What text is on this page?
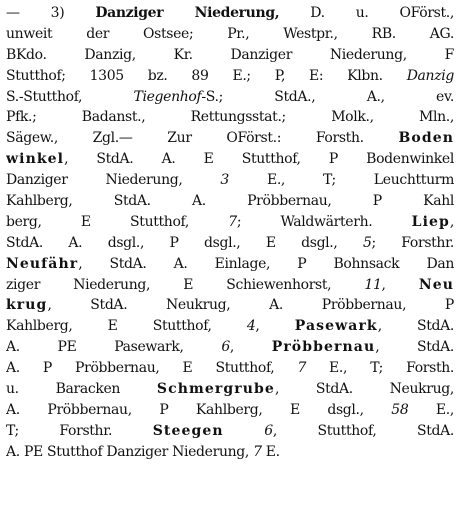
— 3) Danziger Niederung, D. u. OFörst.,
unweit der Ostsee; Pr., Westpr., RB. AG.
BKdo. Danzig, Kr. Danziger Niederung, F
Stutthof; 1305 bz. 89 E.; P, E: Klbn. Danzig
S.-Stutthof, Tiegenhof-S.; StdA., A., ev.
Pfk.; Badanst., Rettungsstat.; Molk., Mln.,
Sägew., Zgl.— Zur OFörst.: Forsth. Boden
winkel, StdA. A. E Stutthof, P Bodenwinkel
Danziger Niederung, 3 E., T; Leuchtturm
Kahlberg, StdA. A. Pröbbernau, P Kahl
berg, E Stutthof, 7; Waldwärterh. Liep,
StdA. A. dsgl., P dsgl., E dsgl., 5; Forsthr.
Neufähr, StdA. A. Einlage, P Bohnsack Dan
ziger Niederung, E Schiewenhorst, 11, Neu
krug, StdA. Neukrug, A. Pröbbernau, P
Kahlberg, E Stutthof, 4, Pasewark, StdA.
A. PE Pasewark, 6, Pröbbernau, StdA.
A. P Pröbbernau, E Stutthof, 7 E., T; Forsth.
u. Baracken Schmergrube, StdA. Neukrug,
A. Pröbbernau, P Kahlberg, E dsgl., 58 E.,
T; Forsthr. Steegen	6, Stutthof, StdA.
A. PE Stutthof Danziger Niederung, 7 E.
